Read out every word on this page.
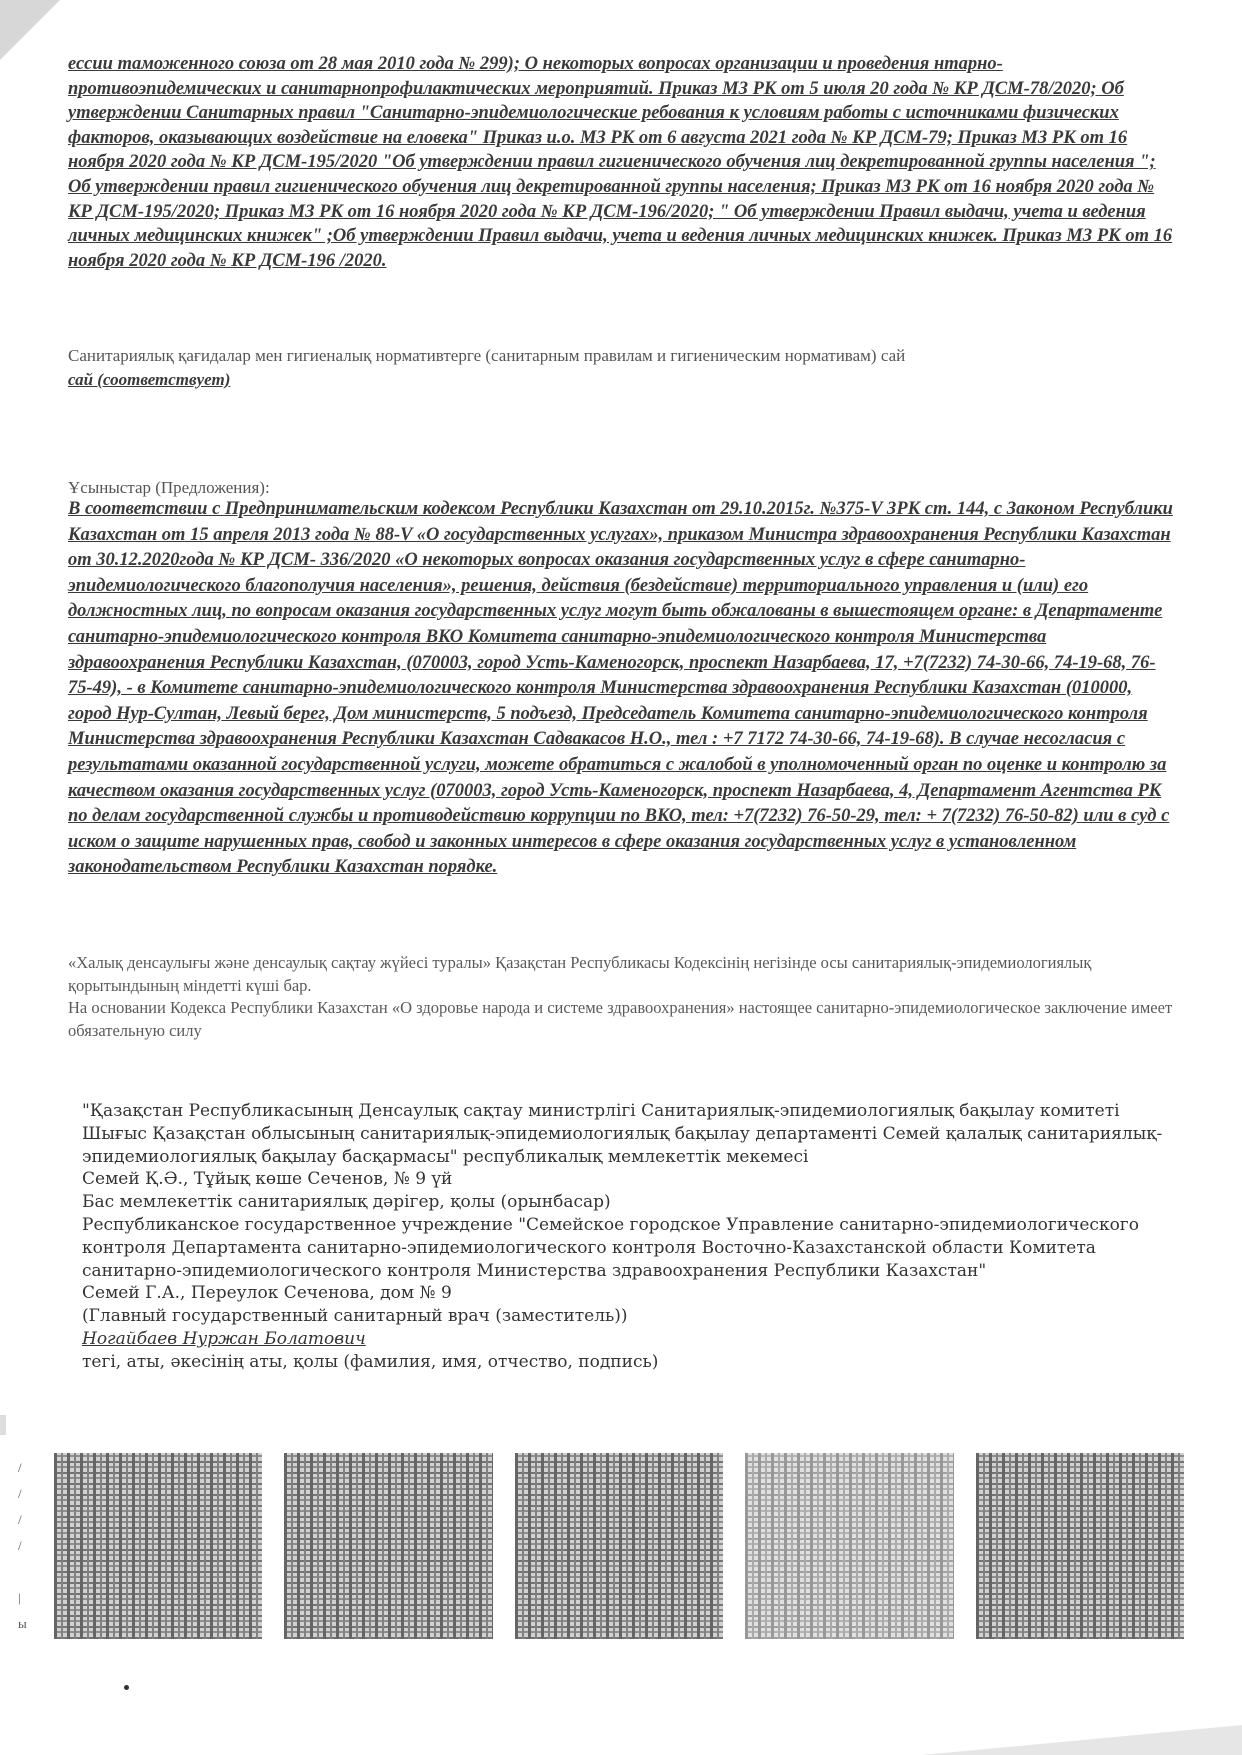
ессии таможенного союза от 28 мая 2010 года № 299); О некоторых вопросах организации и проведения нтарно-противоэпидемических и санитарнопрофилактических мероприятий. Приказ МЗ РК от 5 июля 20 года № КР ДСМ-78/2020; Об утверждении Санитарных правил "Санитарно-эпидемиологические ребования к условиям работы с источниками физических факторов, оказывающих воздействие на еловека" Приказ и.о. МЗ РК от 6 августа 2021 года № КР ДСМ-79; Приказ МЗ РК от 16 ноября 2020 года № КР ДСМ-195/2020 "Об утверждении правил гигиенического обучения лиц декретированной группы населения "; Об утверждении правил гигиенического обучения лиц декретированной группы населения; Приказ МЗ РК от 16 ноября 2020 года № КР ДСМ-195/2020; Приказ МЗ РК от 16 ноября 2020 года № КР ДСМ-196/2020; " Об утверждении Правил выдачи, учета и ведения личных медицинских книжек" ;Об утверждении Правил выдачи, учета и ведения личных медицинских книжек. Приказ МЗ РК от 16 ноября 2020 года № КР ДСМ-196 /2020.

Санитариялық қағидалар мен гигиеналық нормативтерге (санитарным правилам и гигиеническим нормативам) сай
сай (соответствует)

Ұсыныстар (Предложения):

В соответствии с Предпринимательским кодексом Республики Казахстан от 29.10.2015г. №375-V ЗРК ст. 144, с Законом Республики Казахстан от 15 апреля 2013 года № 88-V «О государственных услугах», приказом Министра здравоохранения Республики Казахстан от 30.12.2020года № КР ДСМ- 336/2020 «О некоторых вопросах оказания государственных услуг в сфере санитарно-эпидемиологического благополучия населения», решения, действия (бездействие) территориального управления и (или) его должностных лиц, по вопросам оказания государственных услуг могут быть обжалованы в вышестоящем органе: в Департаменте санитарно-эпидемиологического контроля ВКО Комитета санитарно-эпидемиологического контроля Министерства здравоохранения Республики Казахстан, (070003, город Усть-Каменогорск, проспект Назарбаева, 17, +7(7232) 74-30-66, 74-19-68, 76-75-49), - в Комитете санитарно-эпидемиологического контроля Министерства здравоохранения Республики Казахстан (010000, город Нур-Султан, Левый берег, Дом министерств, 5 подъезд, Председатель Комитета санитарно-эпидемиологического контроля Министерства здравоохранения Республики Казахстан Садвакасов Н.О., тел : +7 7172 74-30-66, 74-19-68). В случае несогласия с результатами оказанной государственной услуги, можете обратиться с жалобой в уполномоченный орган по оценке и контролю за качеством оказания государственных услуг (070003, город Усть-Каменогорск, проспект Назарбаева, 4, Департамент Агентства РК по делам государственной службы и противодействию коррупции по ВКО, тел: +7(7232) 76-50-29, тел: + 7(7232) 76-50-82) или в суд с иском о защите нарушенных прав, свобод и законных интересов в сфере оказания государственных услуг в установленном законодательством Республики Казахстан порядке.

«Халық денсаулығы және денсаулық сақтау жүйесі туралы» Қазақстан Республикасы Кодексінің негізінде осы санитариялық-эпидемиологиялық қорытындының міндетті күші бар.

На основании Кодекса Республики Казахстан «О здоровье народа и системе здравоохранения» настоящее санитарно-эпидемиологическое заключение имеет обязательную силу

"Қазақстан Республикасының Денсаулық сақтау министрлігі Санитариялық-эпидемиологиялық бақылау комитеті Шығыс Қазақстан облысының санитариялық-эпидемиологиялық бақылау департаменті Семей қалалық санитариялық-эпидемиологиялық бақылау басқармасы" республикалық мемлекеттік мекемесі

Семей Қ.Ә., Тұйық көше Сеченов, № 9 үй

Бас мемлекеттік санитариялық дәрігер, қолы (орынбасар)

Республиканское государственное учреждение "Семейское городское Управление санитарно-эпидемиологического контроля Департамента санитарно-эпидемиологического контроля Восточно-Казахстанской области Комитета санитарно-эпидемиологического контроля Министерства здравоохранения Республики Казахстан"

Семей Г.А., Переулок Сеченова, дом № 9

(Главный государственный санитарный врач (заместитель))

Ногайбаев Нуржан Болатович

тегі, аты, әкесінің аты, қолы (фамилия, имя, отчество, подпись)

/
/
/
/

|
ы
